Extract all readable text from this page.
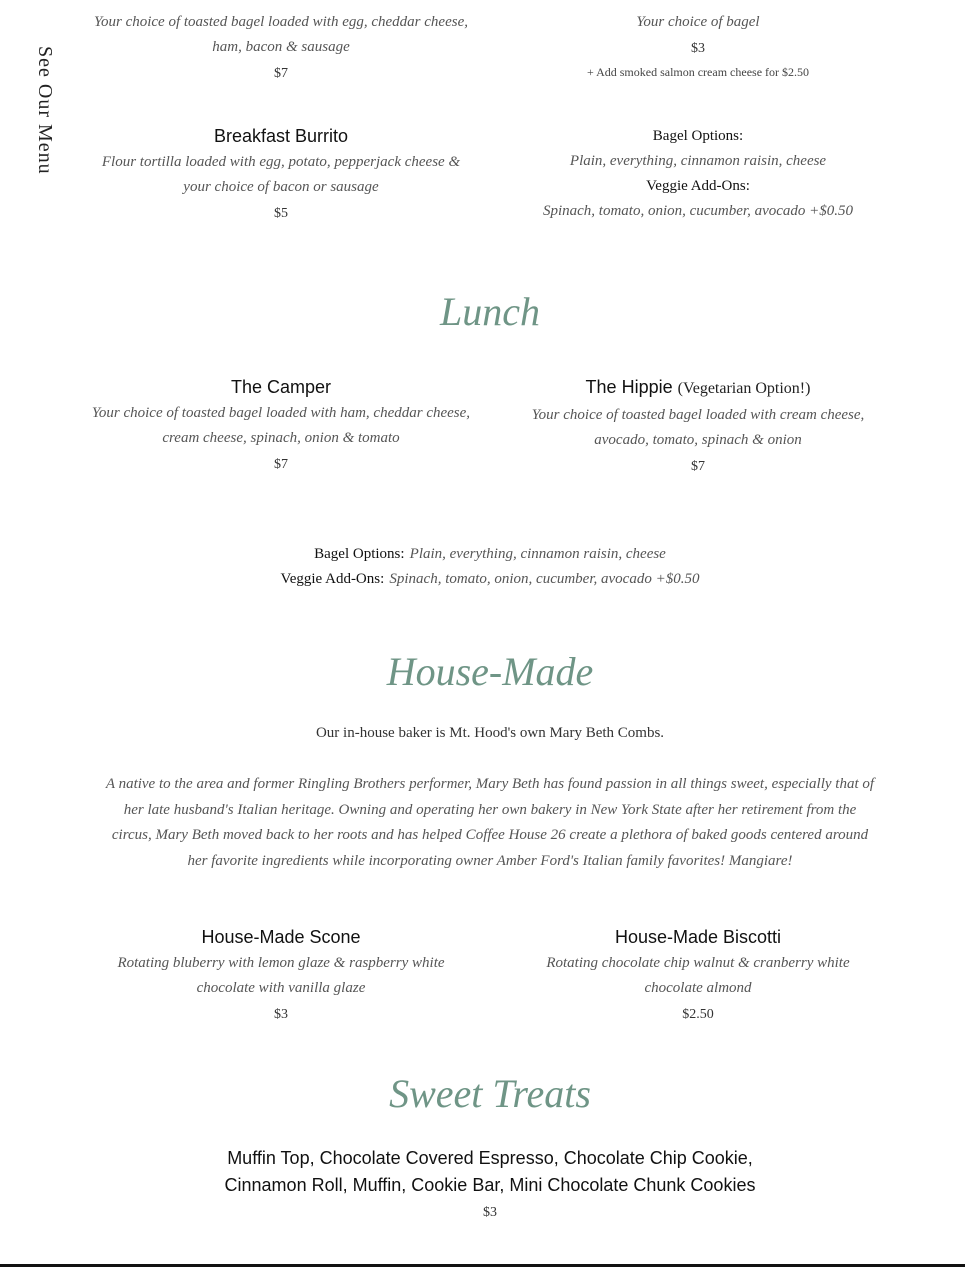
See Our Menu
Your choice of toasted bagel loaded with egg, cheddar cheese, ham, bacon & sausage
$7
Your choice of bagel
$3
+ Add smoked salmon cream cheese for $2.50
Breakfast Burrito
Flour tortilla loaded with egg, potato, pepperjack cheese & your choice of bacon or sausage
$5
Bagel Options:
Plain, everything, cinnamon raisin, cheese
Veggie Add-Ons:
Spinach, tomato, onion, cucumber, avocado +$0.50
Lunch
The Camper
Your choice of toasted bagel loaded with ham, cheddar cheese, cream cheese, spinach, onion & tomato
$7
The Hippie (Vegetarian Option!)
Your choice of toasted bagel loaded with cream cheese, avocado, tomato, spinach & onion
$7
Bagel Options: Plain, everything, cinnamon raisin, cheese
Veggie Add-Ons: Spinach, tomato, onion, cucumber, avocado +$0.50
House-Made
Our in-house baker is Mt. Hood's own Mary Beth Combs.
A native to the area and former Ringling Brothers performer, Mary Beth has found passion in all things sweet, especially that of her late husband's Italian heritage. Owning and operating her own bakery in New York State after her retirement from the circus, Mary Beth moved back to her roots and has helped Coffee House 26 create a plethora of baked goods centered around her favorite ingredients while incorporating owner Amber Ford's Italian family favorites! Mangiare!
House-Made Scone
Rotating bluberry with lemon glaze & raspberry white chocolate with vanilla glaze
$3
House-Made Biscotti
Rotating chocolate chip walnut & cranberry white chocolate almond
$2.50
Sweet Treats
Muffin Top, Chocolate Covered Espresso, Chocolate Chip Cookie, Cinnamon Roll, Muffin, Cookie Bar, Mini Chocolate Chunk Cookies
$3
